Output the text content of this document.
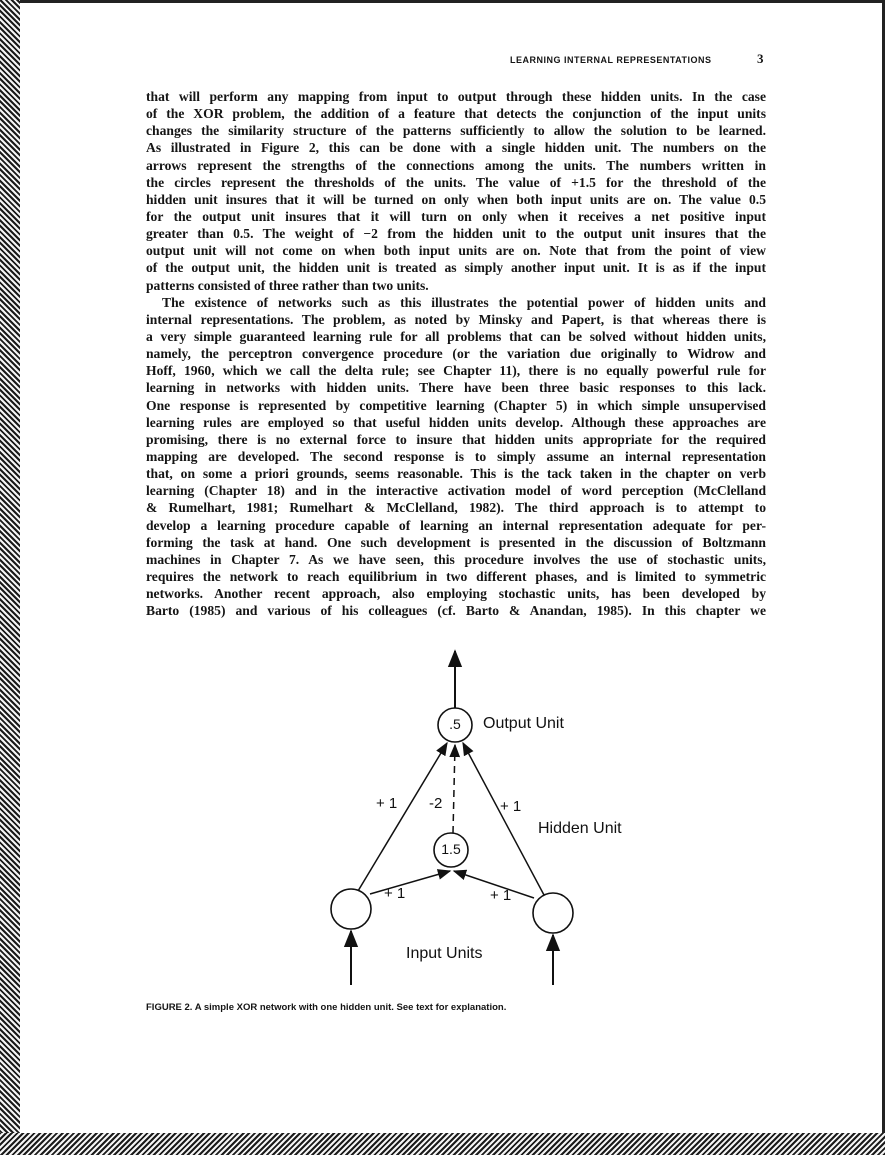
LEARNING INTERNAL REPRESENTATIONS	3
that will perform any mapping from input to output through these hidden units. In the case
of the XOR problem, the addition of a feature that detects the conjunction of the input units
changes the similarity structure of the patterns sufficiently to allow the solution to be learned.
As illustrated in Figure 2, this can be done with a single hidden unit. The numbers on the
arrows represent the strengths of the connections among the units. The numbers written in
the circles represent the thresholds of the units. The value of +1.5 for the threshold of the
hidden unit insures that it will be turned on only when both input units are on. The value 0.5
for the output unit insures that it will turn on only when it receives a net positive input
greater than 0.5. The weight of −2 from the hidden unit to the output unit insures that the
output unit will not come on when both input units are on. Note that from the point of view
of the output unit, the hidden unit is treated as simply another input unit. It is as if the input
patterns consisted of three rather than two units.
The existence of networks such as this illustrates the potential power of hidden units and
internal representations. The problem, as noted by Minsky and Papert, is that whereas there is
a very simple guaranteed learning rule for all problems that can be solved without hidden units,
namely, the perceptron convergence procedure (or the variation due originally to Widrow and
Hoff, 1960, which we call the delta rule; see Chapter 11), there is no equally powerful rule for
learning in networks with hidden units. There have been three basic responses to this lack.
One response is represented by competitive learning (Chapter 5) in which simple unsupervised
learning rules are employed so that useful hidden units develop. Although these approaches are
promising, there is no external force to insure that hidden units appropriate for the required
mapping are developed. The second response is to simply assume an internal representation
that, on some a priori grounds, seems reasonable. This is the tack taken in the chapter on verb
learning (Chapter 18) and in the interactive activation model of word perception (McClelland
& Rumelhart, 1981; Rumelhart & McClelland, 1982). The third approach is to attempt to
develop a learning procedure capable of learning an internal representation adequate for per-
forming the task at hand. One such development is presented in the discussion of Boltzmann
machines in Chapter 7. As we have seen, this procedure involves the use of stochastic units,
requires the network to reach equilibrium in two different phases, and is limited to symmetric
networks. Another recent approach, also employing stochastic units, has been developed by
Barto (1985) and various of his colleagues (cf. Barto & Anandan, 1985). In this chapter we
.5	Output Unit
1.5
Hidden Unit
Input Units
+ 1 -2	+ 1
+ 1	+ 1
FIGURE 2. A simple XOR network with one hidden unit. See text for explanation.
